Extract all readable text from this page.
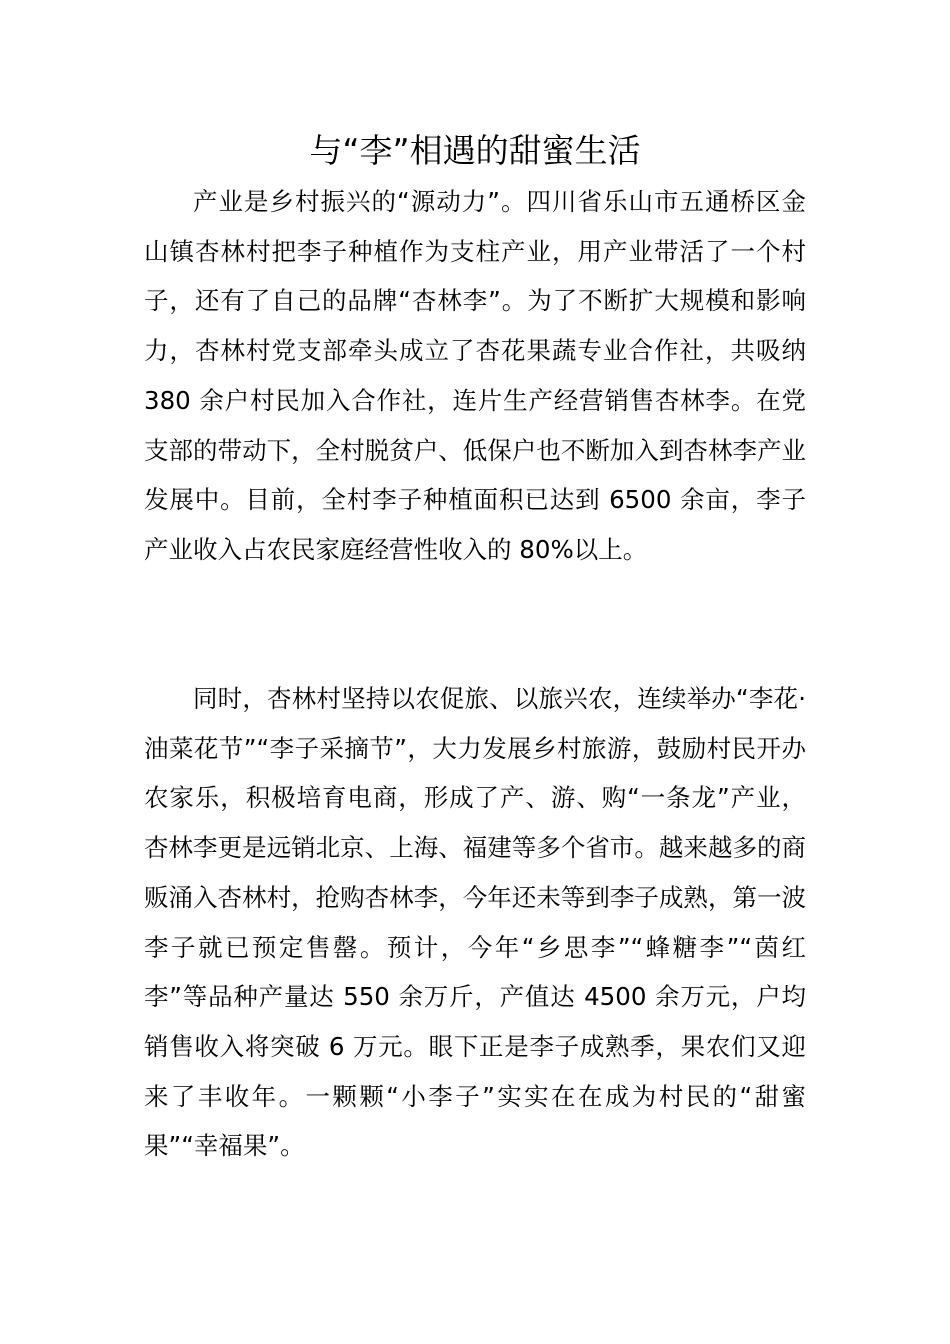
与“李”相遇的甜蜜生活

产业是乡村振兴的“源动力”。四川省乐山市五通桥区金山镇杏林村把李子种植作为支柱产业，用产业带活了一个村子，还有了自己的品牌“杏林李”。为了不断扩大规模和影响力，杏林村党支部牵头成立了杏花果蔬专业合作社，共吸纳 380 余户村民加入合作社，连片生产经营销售杏林李。在党支部的带动下，全村脱贫户、低保户也不断加入到杏林李产业发展中。目前，全村李子种植面积已达到 6500 余亩，李子产业收入占农民家庭经营性收入的 80%以上。

同时，杏林村坚持以农促旅、以旅兴农，连续举办“李花·油菜花节”“李子采摘节”，大力发展乡村旅游，鼓励村民开办农家乐，积极培育电商，形成了产、游、购“一条龙”产业，杏林李更是远销北京、上海、福建等多个省市。越来越多的商贩涌入杏林村，抢购杏林李，今年还未等到李子成熟，第一波李子就已预定售罄。预计，今年“乡思李”“蜂糖李”“茵红李”等品种产量达 550 余万斤，产值达 4500 余万元，户均销售收入将突破 6 万元。眼下正是李子成熟季，果农们又迎来了丰收年。一颗颗“小李子”实实在在成为村民的“甜蜜果”“幸福果”。
